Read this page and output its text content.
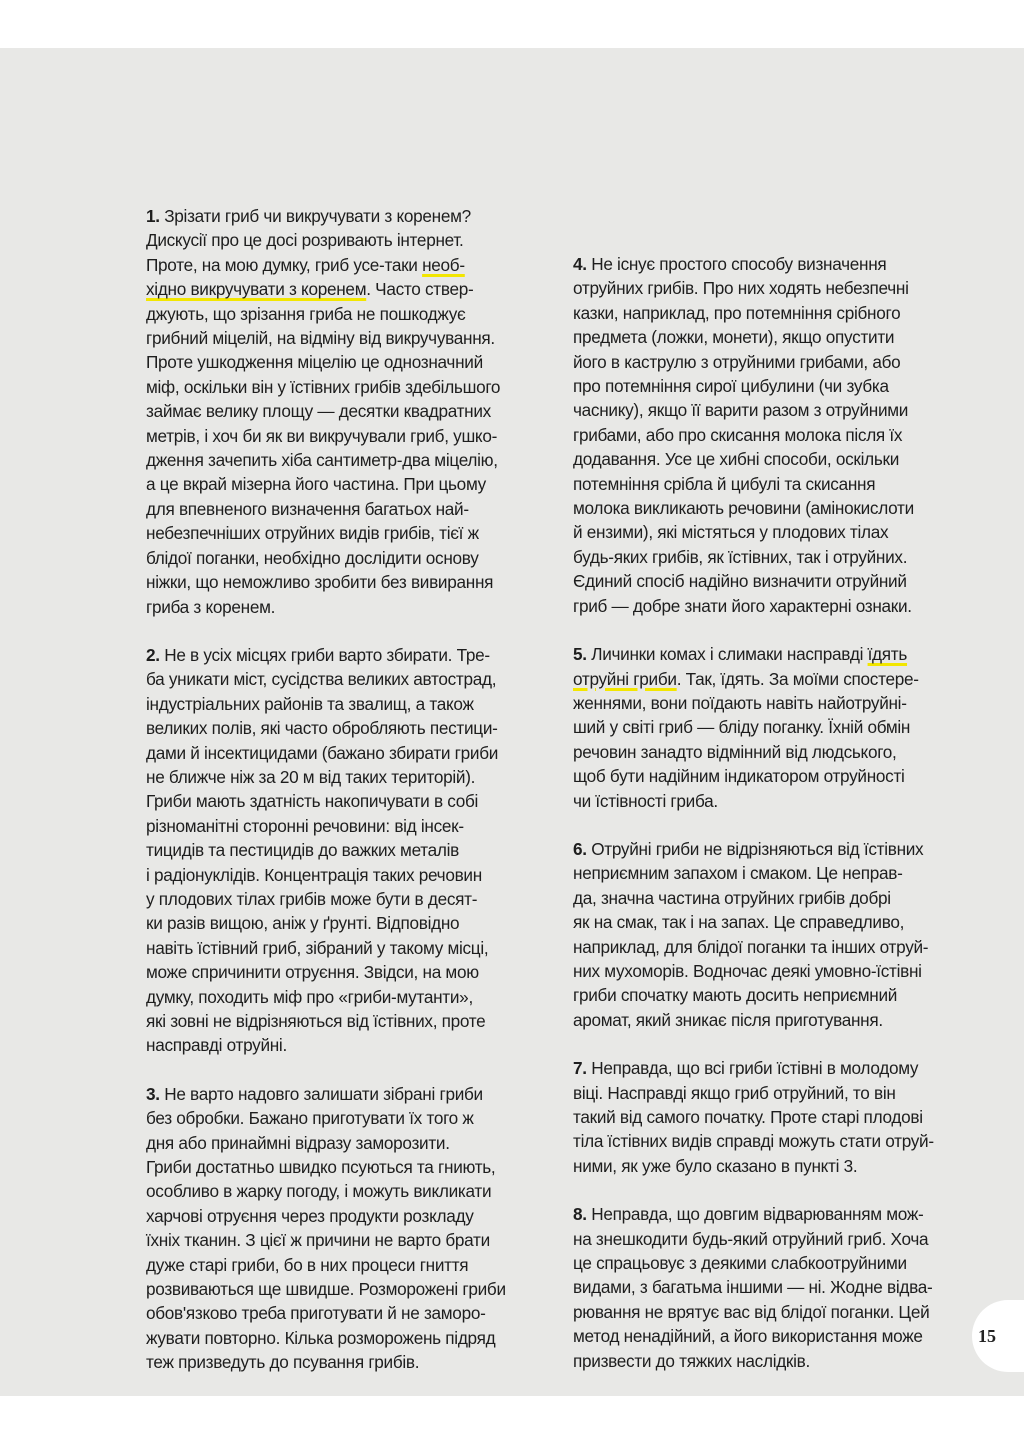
1. Зрізати гриб чи викручувати з коренем?
Дискусії про це досі розривають інтернет.
Проте, на мою думку, гриб усе-таки необ-
хідно викручувати з коренем. Часто ствер-
джують, що зрізання гриба не пошкоджує
грибний міцелій, на відміну від викручування.
Проте ушкодження міцелію це однозначний
міф, оскільки він у їстівних грибів здебільшого
займає велику площу — десятки квадратних
метрів, і хоч би як ви викручували гриб, ушко-
дження зачепить хіба сантиметр-два міцелію,
а це вкрай мізерна його частина. При цьому
для впевненого визначення багатьох най-
небезпечніших отруйних видів грибів, тієї ж
блідої поганки, необхідно дослідити основу
ніжки, що неможливо зробити без вивирання
гриба з коренем.

2. Не в усіх місцях гриби варто збирати. Тре-
ба уникати міст, сусідства великих автострад,
індустріальних районів та звалищ, а також
великих полів, які часто обробляють пестици-
дами й інсектицидами (бажано збирати гриби
не ближче ніж за 20 м від таких територій).
Гриби мають здатність накопичувати в собі
різноманітні сторонні речовини: від інсек-
тицидів та пестицидів до важких металів
і радіонуклідів. Концентрація таких речовин
у плодових тілах грибів може бути в десят-
ки разів вищою, аніж у ґрунті. Відповідно
навіть їстівний гриб, зібраний у такому місці,
може спричинити отруєння. Звідси, на мою
думку, походить міф про «гриби-мутанти»,
які зовні не відрізняються від їстівних, проте
насправді отруйні.

3. Не варто надовго залишати зібрані гриби
без обробки. Бажано приготувати їх того ж
дня або принаймні відразу заморозити.
Гриби достатньо швидко псуються та гниють,
особливо в жарку погоду, і можуть викликати
харчові отруєння через продукти розкладу
їхніх тканин. З цієї ж причини не варто брати
дуже старі гриби, бо в них процеси гниття
розвиваються ще швидше. Розморожені гриби
обов'язково треба приготувати й не заморо-
жувати повторно. Кілька розморожень підряд
теж призведуть до псування грибів.

4. Не існує простого способу визначення
отруйних грибів. Про них ходять небезпечні
казки, наприклад, про потемніння срібного
предмета (ложки, монети), якщо опустити
його в каструлю з отруйними грибами, або
про потемніння сирої цибулини (чи зубка
часнику), якщо її варити разом з отруйними
грибами, або про скисання молока після їх
додавання. Усе це хибні способи, оскільки
потемніння срібла й цибулі та скисання
молока викликають речовини (амінокислоти
й ензими), які містяться у плодових тілах
будь-яких грибів, як їстівних, так і отруйних.
Єдиний спосіб надійно визначити отруйний
гриб — добре знати його характерні ознаки.

5. Личинки комах і слимаки насправді їдять
отруйні гриби. Так, їдять. За моїми спостере-
женнями, вони поїдають навіть найотруйні-
ший у світі гриб — бліду поганку. Їхній обмін
речовин занадто відмінний від людського,
щоб бути надійним індикатором отруйності
чи їстівності гриба.

6. Отруйні гриби не відрізняються від їстівних
неприємним запахом і смаком. Це неправ-
да, значна частина отруйних грибів добрі
як на смак, так і на запах. Це справедливо,
наприклад, для блідої поганки та інших отруй-
них мухоморів. Водночас деякі умовно-їстівні
гриби спочатку мають досить неприємний
аромат, який зникає після приготування.

7. Неправда, що всі гриби їстівні в молодому
віці. Насправді якщо гриб отруйний, то він
такий від самого початку. Проте старі плодові
тіла їстівних видів справді можуть стати отруй-
ними, як уже було сказано в пункті 3.

8. Неправда, що довгим відварюванням мож-
на знешкодити будь-який отруйний гриб. Хоча
це спрацьовує з деякими слабкоотруйними
видами, з багатьма іншими — ні. Жодне відва-
рювання не врятує вас від блідої поганки. Цей
метод ненадійний, а його використання може
призвести до тяжких наслідків.

15
